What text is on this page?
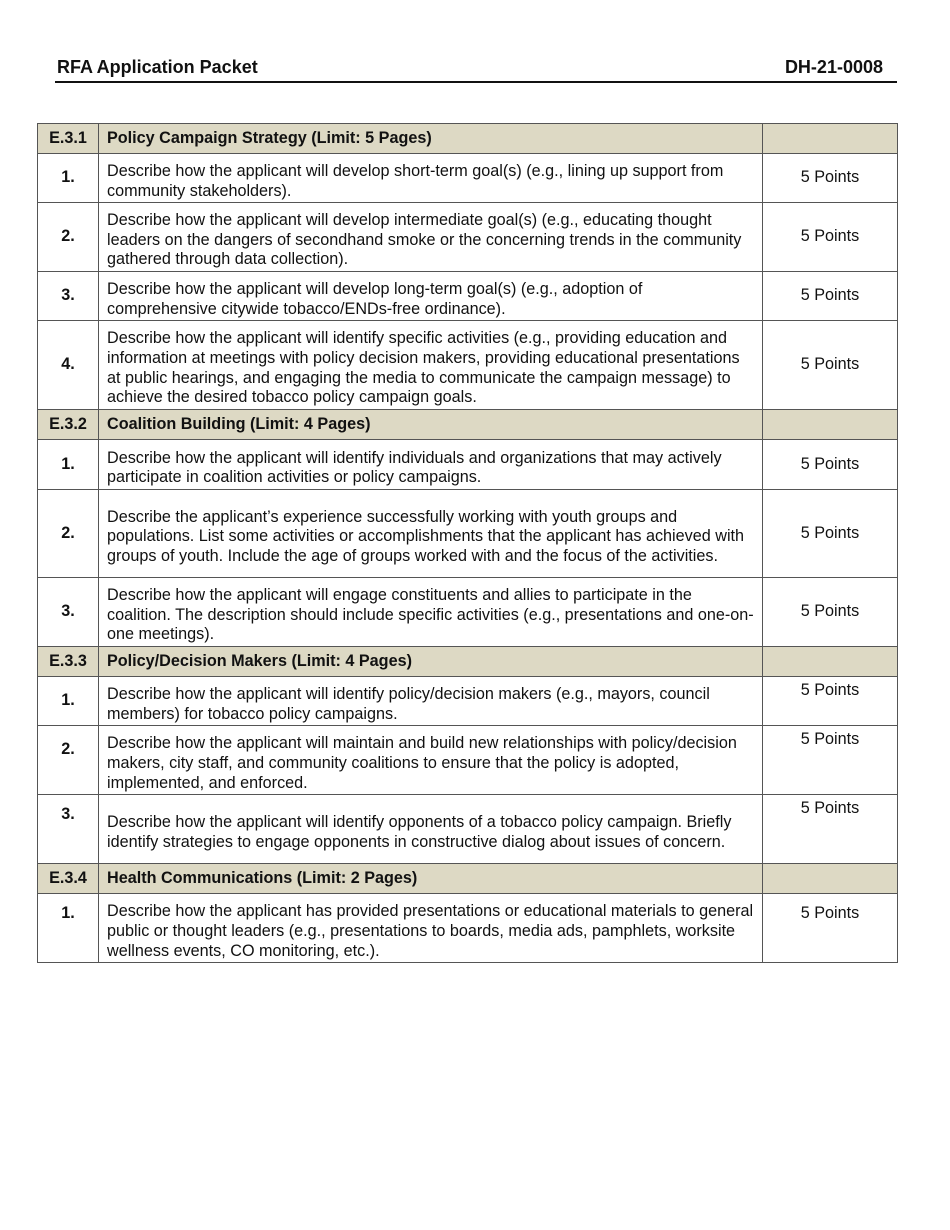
RFA Application Packet	DH-21-0008
E.3.1	Policy Campaign Strategy (Limit: 5 Pages)	
1.	Describe how the applicant will develop short-term goal(s) (e.g., lining up support from community stakeholders).	5 Points
2.	Describe how the applicant will develop intermediate goal(s) (e.g., educating thought leaders on the dangers of secondhand smoke or the concerning trends in the community gathered through data collection).	5 Points
3.	Describe how the applicant will develop long-term goal(s) (e.g., adoption of comprehensive citywide tobacco/ENDs-free ordinance).	5 Points
4.	Describe how the applicant will identify specific activities (e.g., providing education and information at meetings with policy decision makers, providing educational presentations at public hearings, and engaging the media to communicate the campaign message) to achieve the desired tobacco policy campaign goals.	5 Points
E.3.2	Coalition Building (Limit: 4 Pages)	
1.	Describe how the applicant will identify individuals and organizations that may actively participate in coalition activities or policy campaigns.	5 Points
2.	Describe the applicant’s experience successfully working with youth groups and populations. List some activities or accomplishments that the applicant has achieved with groups of youth. Include the age of groups worked with and the focus of the activities.	5 Points
3.	Describe how the applicant will engage constituents and allies to participate in the coalition. The description should include specific activities (e.g., presentations and one-on-one meetings).	5 Points
E.3.3	Policy/Decision Makers (Limit: 4 Pages)	
1.	Describe how the applicant will identify policy/decision makers (e.g., mayors, council members) for tobacco policy campaigns.	5 Points
2.	Describe how the applicant will maintain and build new relationships with policy/decision makers, city staff, and community coalitions to ensure that the policy is adopted, implemented, and enforced.	5 Points
3.	Describe how the applicant will identify opponents of a tobacco policy campaign. Briefly identify strategies to engage opponents in constructive dialog about issues of concern.	5 Points
E.3.4	Health Communications (Limit: 2 Pages)	
1.	Describe how the applicant has provided presentations or educational materials to general public or thought leaders (e.g., presentations to boards, media ads, pamphlets, worksite wellness events, CO monitoring, etc.).	5 Points
